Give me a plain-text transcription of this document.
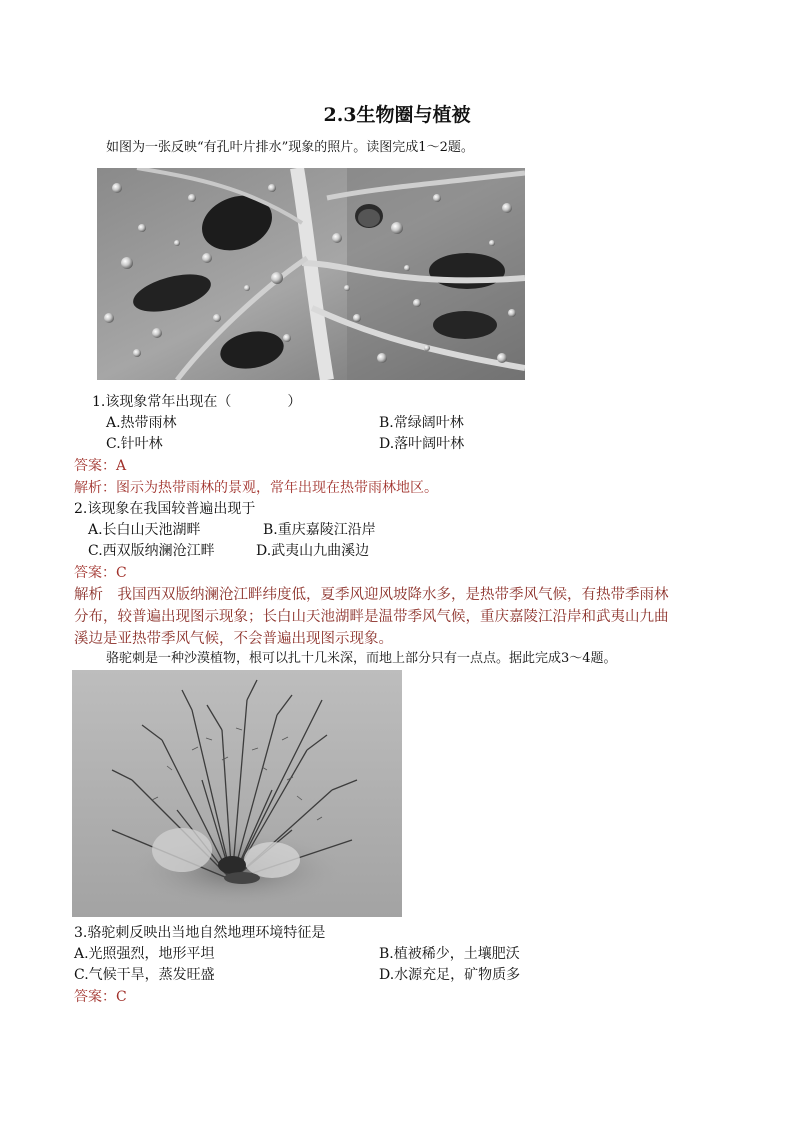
2.3生物圈与植被
如图为一张反映“有孔叶片排水”现象的照片。读图完成1～2题。
1.该现象常年出现在（　　　　）
A.热带雨林	B.常绿阔叶林
C.针叶林	D.落叶阔叶林
答案：A
解析：图示为热带雨林的景观，常年出现在热带雨林地区。
2.该现象在我国较普遍出现于
A.长白山天池湖畔	B.重庆嘉陵江沿岸
C.西双版纳澜沧江畔	D.武夷山九曲溪边
答案：C
解析　我国西双版纳澜沧江畔纬度低，夏季风迎风坡降水多，是热带季风气候，有热带季雨林
分布，较普遍出现图示现象；长白山天池湖畔是温带季风气候，重庆嘉陵江沿岸和武夷山九曲
溪边是亚热带季风气候，不会普遍出现图示现象。
骆驼刺是一种沙漠植物，根可以扎十几米深，而地上部分只有一点点。据此完成3～4题。
3.骆驼刺反映出当地自然地理环境特征是
A.光照强烈，地形平坦	B.植被稀少，土壤肥沃
C.气候干旱，蒸发旺盛	D.水源充足，矿物质多
答案：C
